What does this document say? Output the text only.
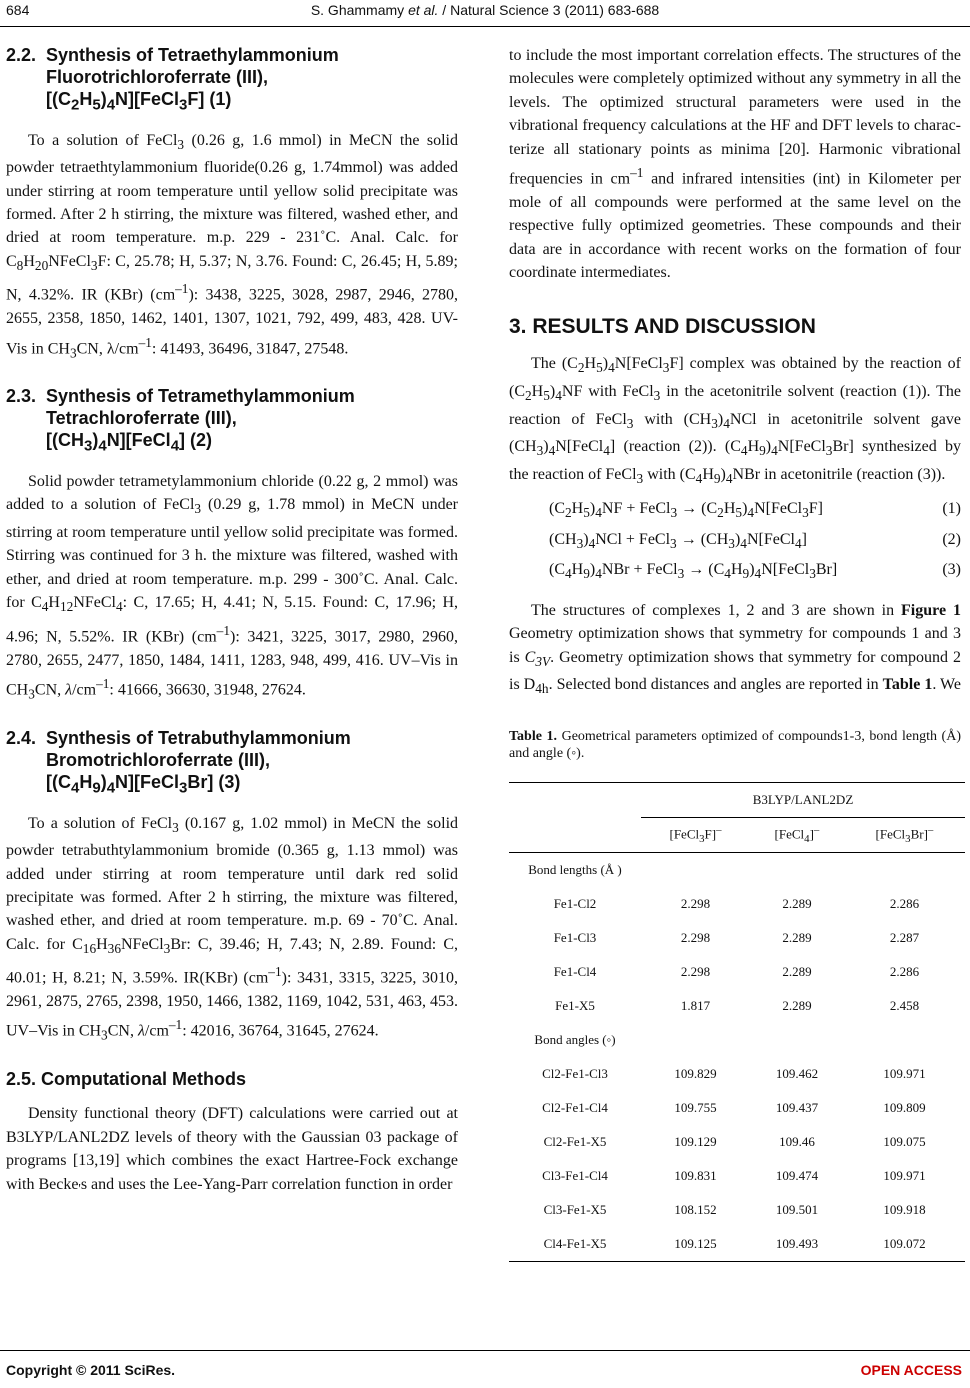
684	S. Ghammamy et al. / Natural Science 3 (2011) 683-688
2.2. Synthesis of Tetraethylammonium
Fluorotrichloroferrate (III),
$[(C_2H_5)_4N][FeCl_3F]$ (1)

To a solution of FeCl$_3$ (0.26 g, 1.6 mmol) in MeCN the solid powder tetraethtylammonium fluoride(0.26 g, 1.74mmol) was added under stirring at room temperature until yellow solid precipitate was formed. After 2 h stirring, the mixture was filtered, washed ether, and dried at room temperature. m.p. 229 - 231˚C. Anal. Calc. for $C_8H_{20}NFeCl_3F$: C, 25.78; H, 5.37; N, 3.76. Found: C, 26.45; H, 5.89; N, 4.32%. IR (KBr) $(cm^{-1})$: 3438, 3225, 3028, 2987, 2946, 2780, 2655, 2358, 1850, 1462, 1401, 1307, 1021, 792, 499, 483, 428. UV-Vis in $CH_3CN$, $\lambda/cm^{-1}$: 41493, 36496, 31847, 27548.

2.3. Synthesis of Tetramethylammonium
Tetrachloroferrate (III),
$[(CH_3)_4N][FeCl_4]$ (2)

Solid powder tetrametylammonium chloride (0.22 g, 2 mmol) was added to a solution of FeCl$_3$ (0.29 g, 1.78 mmol) in MeCN under stirring at room temperature until yellow solid precipitate was formed. Stirring was continued for 3 h. the mixture was filtered, washed with ether, and dried at room temperature. m.p. 299 - 300˚C. Anal. Calc. for $C_4H_{12}NFeCl_4$: C, 17.65; H, 4.41; N, 5.15. Found: C, 17.96; H, 4.96; N, 5.52%. IR (KBr) $(cm^{-1})$: 3421, 3225, 3017, 2980, 2960, 2780, 2655, 2477, 1850, 1484, 1411, 1283, 948, 499, 416. UV–Vis in $CH_3CN$, $\lambda/cm^{-1}$: 41666, 36630, 31948, 27624.

2.4. Synthesis of Tetrabuthylammonium
Bromotrichloroferrate (III),
$[(C_4H_9)_4N][FeCl_3Br]$ (3)

To a solution of FeCl$_3$ (0.167 g, 1.02 mmol) in MeCN the solid powder tetrabuthtylammonium bromide (0.365 g, 1.13 mmol) was added under stirring at room temperature until dark red solid precipitate was formed. After 2 h stirring, the mixture was filtered, washed ether, and dried at room temperature. m.p. 69 - 70˚C. Anal. Calc. for $C_{16}H_{36}NFeCl_3Br$: C, 39.46; H, 7.43; N, 2.89. Found: C, 40.01; H, 8.21; N, 3.59%. IR(KBr) $(cm^{-1})$: 3431, 3315, 3225, 3010, 2961, 2875, 2765, 2398, 1950, 1466, 1382, 1169, 1042, 531, 463, 453. UV–Vis in $CH_3CN$, $\lambda/cm^{-1}$: 42016, 36764, 31645, 27624.

2.5. Computational Methods

Density functional theory (DFT) calculations were carried out at B3LYP/LANL2DZ levels of theory with the Gaussian 03 package of programs [13,19] which combines the exact Hartree-Fock exchange with Becke$'$s and uses the Lee-Yang-Parr correlation function in order

to include the most important correlation effects. The structures of the molecules were completely optimized without any symmetry in all the levels. The optimized structural parameters were used in the vibrational frequency calculations at the HF and DFT levels to characterize all stationary points as minima [20]. Harmonic vibrational frequencies in $cm^{-1}$ and infrared intensities (int) in Kilometer per mole of all compounds were performed at the same level on the respective fully optimized geometries. These compounds and their data are in accordance with recent works on the formation of four coordinate intermediates.

3. RESULTS AND DISCUSSION

The $(C_2H_5)_4N[FeCl_3F]$ complex was obtained by the reaction of $(C_2H_5)_4NF$ with FeCl$_3$ in the acetonitrile solvent (reaction (1)). The reaction of FeCl$_3$ with $(CH_3)_4NCl$ in acetonitrile solvent gave $(CH_3)_4N[FeCl_4]$ (reaction (2)). $(C_4H_9)_4N[FeCl_3Br]$ synthesized by the reaction of FeCl$_3$ with $(C_4H_9)_4NBr$ in acetonitrile (reaction (3)).

$(C_2H_5)_4NF$ + FeCl$_3$ → $(C_2H_5)_4N[FeCl_3F]$	(1)
$(CH_3)_4NCl$ + FeCl$_3$ → $(CH_3)_4N[FeCl_4]$	(2)
$(C_4H_9)_4NBr$ + FeCl$_3$ → $(C_4H_9)_4N[FeCl_3Br]$	(3)

The structures of complexes 1, 2 and 3 are shown in Figure 1 Geometry optimization shows that symmetry for compounds 1 and 3 is $C_{3V}$. Geometry optimization shows that symmetry for compound 2 is $D_{4h}$. Selected bond distances and angles are reported in Table 1. We

Table 1. Geometrical parameters optimized of compounds1-3, bond length (Å) and angle (◦).
	B3LYP/LANL2DZ		
	[FeCl$_3$F]–	[FeCl$_4$]–	[FeCl$_3$Br]–
Bond lengths (Å )			
Fe1-Cl2	2.298	2.289	2.286
Fe1-Cl3	2.298	2.289	2.287
Fe1-Cl4	2.298	2.289	2.286
Fe1-X5	1.817	2.289	2.458
Bond angles (◦)			
Cl2-Fe1-Cl3	109.829	109.462	109.971
Cl2-Fe1-Cl4	109.755	109.437	109.809
Cl2-Fe1-X5	109.129	109.46	109.075
Cl3-Fe1-Cl4	109.831	109.474	109.971
Cl3-Fe1-X5	108.152	109.501	109.918
Cl4-Fe1-X5	109.125	109.493	109.072
Copyright © 2011 SciRes.	OPEN ACCESS
